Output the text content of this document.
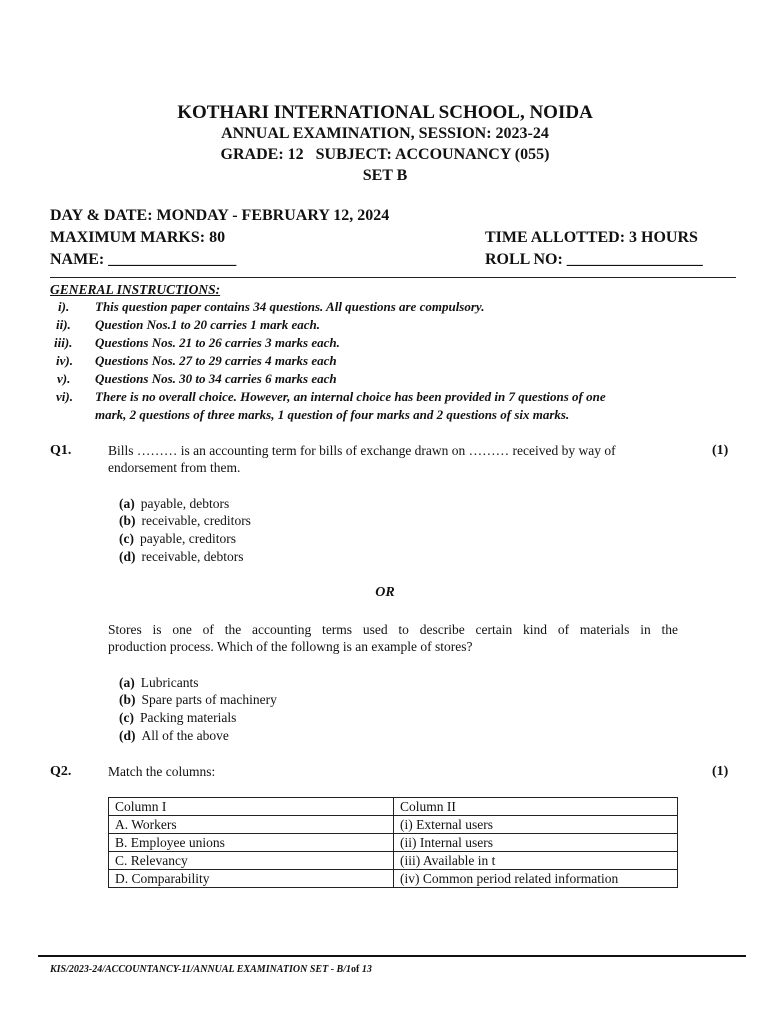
KOTHARI INTERNATIONAL SCHOOL, NOIDA
ANNUAL EXAMINATION, SESSION: 2023-24
GRADE: 12   SUBJECT: ACCOUNANCY (055)
SET B
DAY & DATE: MONDAY - FEBRUARY 12, 2024
MAXIMUM MARKS: 80	TIME ALLOTTED: 3 HOURS
NAME: ________________	ROLL NO: _________________
GENERAL INSTRUCTIONS:
i). This question paper contains 34 questions. All questions are compulsory.
ii). Question Nos.1 to 20 carries 1 mark each.
iii). Questions Nos. 21 to 26 carries 3 marks each.
iv). Questions Nos. 27 to 29 carries 4 marks each
v). Questions Nos. 30 to 34 carries 6 marks each
vi). There is no overall choice. However, an internal choice has been provided in 7 questions of one
mark, 2 questions of three marks, 1 question of four marks and 2 questions of six marks.
Q1.	Bills ……… is an accounting term for bills of exchange drawn on ……… received by way of
endorsement from them.
(1)
(a) payable, debtors
(b) receivable, creditors
(c) payable, creditors
(d) receivable, debtors
OR
Stores is one of the accounting terms used to describe certain kind of materials in the
production process. Which of the followng is an example of stores?
(a) Lubricants
(b) Spare parts of machinery
(c) Packing materials
(d) All of the above
Q2.	Match the columns:	(1)
Column I	Column II
A. Workers	(i) External users
B. Employee unions	(ii) Internal users
C. Relevancy	(iii) Available in t
D. Comparability	(iv) Common period related information
KIS/2023-24/ACCOUNTANCY-11/ANNUAL EXAMINATION SET - B/1of 13
